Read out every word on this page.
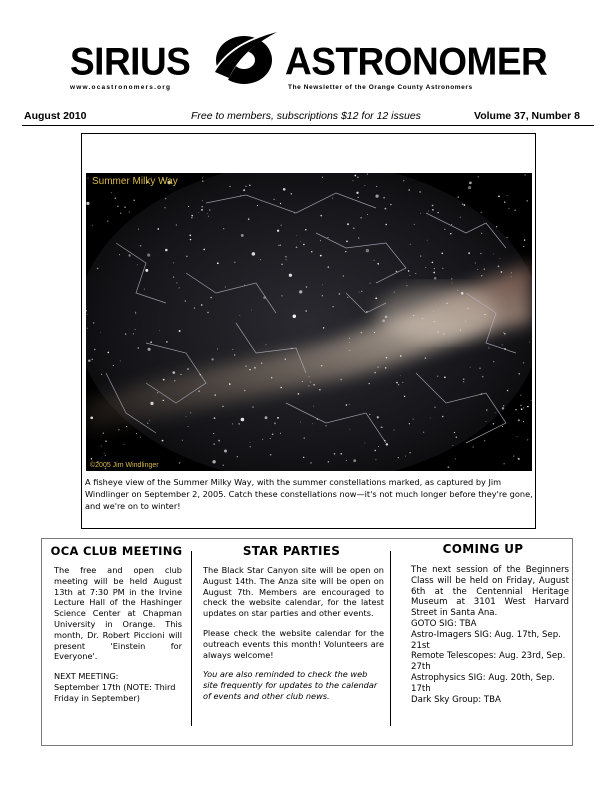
SIRIUS	ASTRONOMER
www.ocastronomers.org	The Newsletter of the Orange County Astronomers
August 2010	Free to members, subscriptions $12 for 12 issues	Volume 37, Number 8
Summer Milky Way
©2005 Jim Windlinger
A fisheye view of the Summer Milky Way, with the summer constellations marked, as captured by Jim Windlinger on September 2, 2005. Catch these constellations now—it's not much longer before they're gone, and we're on to winter!
OCA CLUB MEETING
The free and open club meeting will be held August 13th at 7:30 PM in the Irvine Lecture Hall of the Hashinger Science Center at Chapman University in Orange. This month, Dr. Robert Piccioni will present 'Einstein for Everyone'.
NEXT MEETING:
September 17th (NOTE: Third Friday in September)
STAR PARTIES
The Black Star Canyon site will be open on August 14th. The Anza site will be open on August 7th. Members are encouraged to check the website calendar, for the latest updates on star parties and other events.
Please check the website calendar for the outreach events this month! Volunteers are always welcome!
You are also reminded to check the web site frequently for updates to the calendar of events and other club news.
COMING UP
The next session of the Beginners Class will be held on Friday, August 6th at the Centennial Heritage Museum at 3101 West Harvard Street in Santa Ana.
GOTO SIG: TBA
Astro-Imagers SIG: Aug. 17th, Sep. 21st
Remote Telescopes: Aug. 23rd, Sep. 27th
Astrophysics SIG: Aug. 20th, Sep. 17th
Dark Sky Group: TBA
